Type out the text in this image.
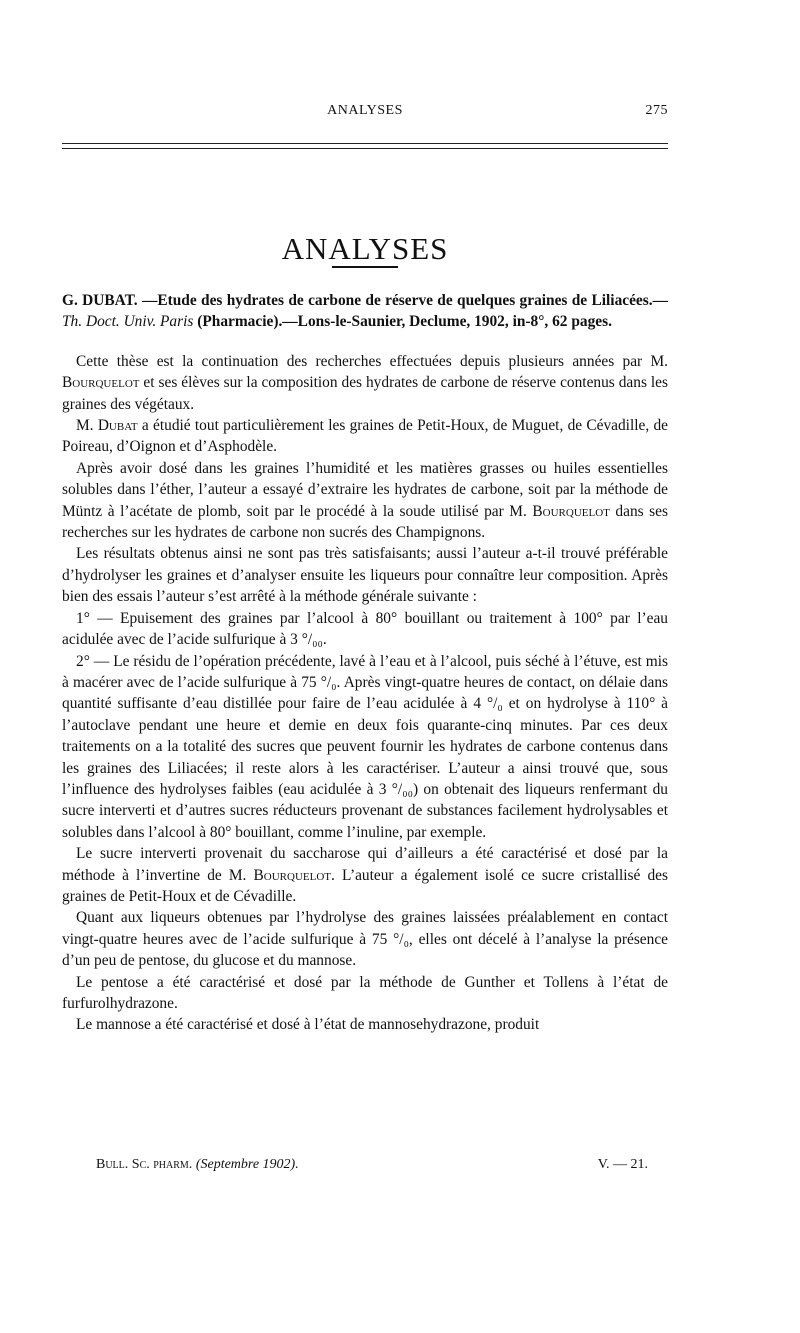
ANALYSES	275
ANALYSES

G. DUBAT. —Etude des hydrates de carbone de réserve de quelques graines de Liliacées.—Th. Doct. Univ. Paris (Pharmacie).—Lons-le-Saunier, Declume, 1902, in-8°, 62 pages.

Cette thèse est la continuation des recherches effectuées depuis plusieurs années par M. Bourquelot et ses élèves sur la composition des hydrates de carbone de réserve contenus dans les graines des végétaux.

M. Dubat a étudié tout particulièrement les graines de Petit-Houx, de Muguet, de Cévadille, de Poireau, d’Oignon et d’Asphodèle.

Après avoir dosé dans les graines l’humidité et les matières grasses ou huiles essentielles solubles dans l’éther, l’auteur a essayé d’extraire les hydrates de carbone, soit par la méthode de Müntz à l’acétate de plomb, soit par le procédé à la soude utilisé par M. Bourquelot dans ses recherches sur les hydrates de carbone non sucrés des Champignons.

Les résultats obtenus ainsi ne sont pas très satisfaisants; aussi l’auteur a-t-il trouvé préférable d’hydrolyser les graines et d’analyser ensuite les liqueurs pour connaître leur composition. Après bien des essais l’auteur s’est arrêté à la méthode générale suivante :

1° — Epuisement des graines par l’alcool à 80° bouillant ou traitement à 100° par l’eau acidulée avec de l’acide sulfurique à 3 °/₀₀.

2° — Le résidu de l’opération précédente, lavé à l’eau et à l’alcool, puis séché à l’étuve, est mis à macérer avec de l’acide sulfurique à 75 °/₀. Après vingt-quatre heures de contact, on délaie dans quantité suffisante d’eau distillée pour faire de l’eau acidulée à 4 °/₀ et on hydrolyse à 110° à l’autoclave pendant une heure et demie en deux fois quarante-cinq minutes. Par ces deux traitements on a la totalité des sucres que peuvent fournir les hydrates de carbone contenus dans les graines des Liliacées; il reste alors à les caractériser. L’auteur a ainsi trouvé que, sous l’influence des hydrolyses faibles (eau acidulée à 3 °/₀₀) on obtenait des liqueurs renfermant du sucre interverti et d’autres sucres réducteurs provenant de substances facilement hydrolysables et solubles dans l’alcool à 80° bouillant, comme l’inuline, par exemple.

Le sucre interverti provenait du saccharose qui d’ailleurs a été caractérisé et dosé par la méthode à l’invertine de M. Bourquelot. L’auteur a également isolé ce sucre cristallisé des graines de Petit-Houx et de Cévadille.

Quant aux liqueurs obtenues par l’hydrolyse des graines laissées préalablement en contact vingt-quatre heures avec de l’acide sulfurique à 75 °/₀, elles ont décelé à l’analyse la présence d’un peu de pentose, du glucose et du mannose.

Le pentose a été caractérisé et dosé par la méthode de Gunther et Tollens à l’état de furfurolhydrazone.

Le mannose a été caractérisé et dosé à l’état de mannosehydrazone, produit

Bull. Sc. pharm. (Septembre 1902).	V. — 21.
